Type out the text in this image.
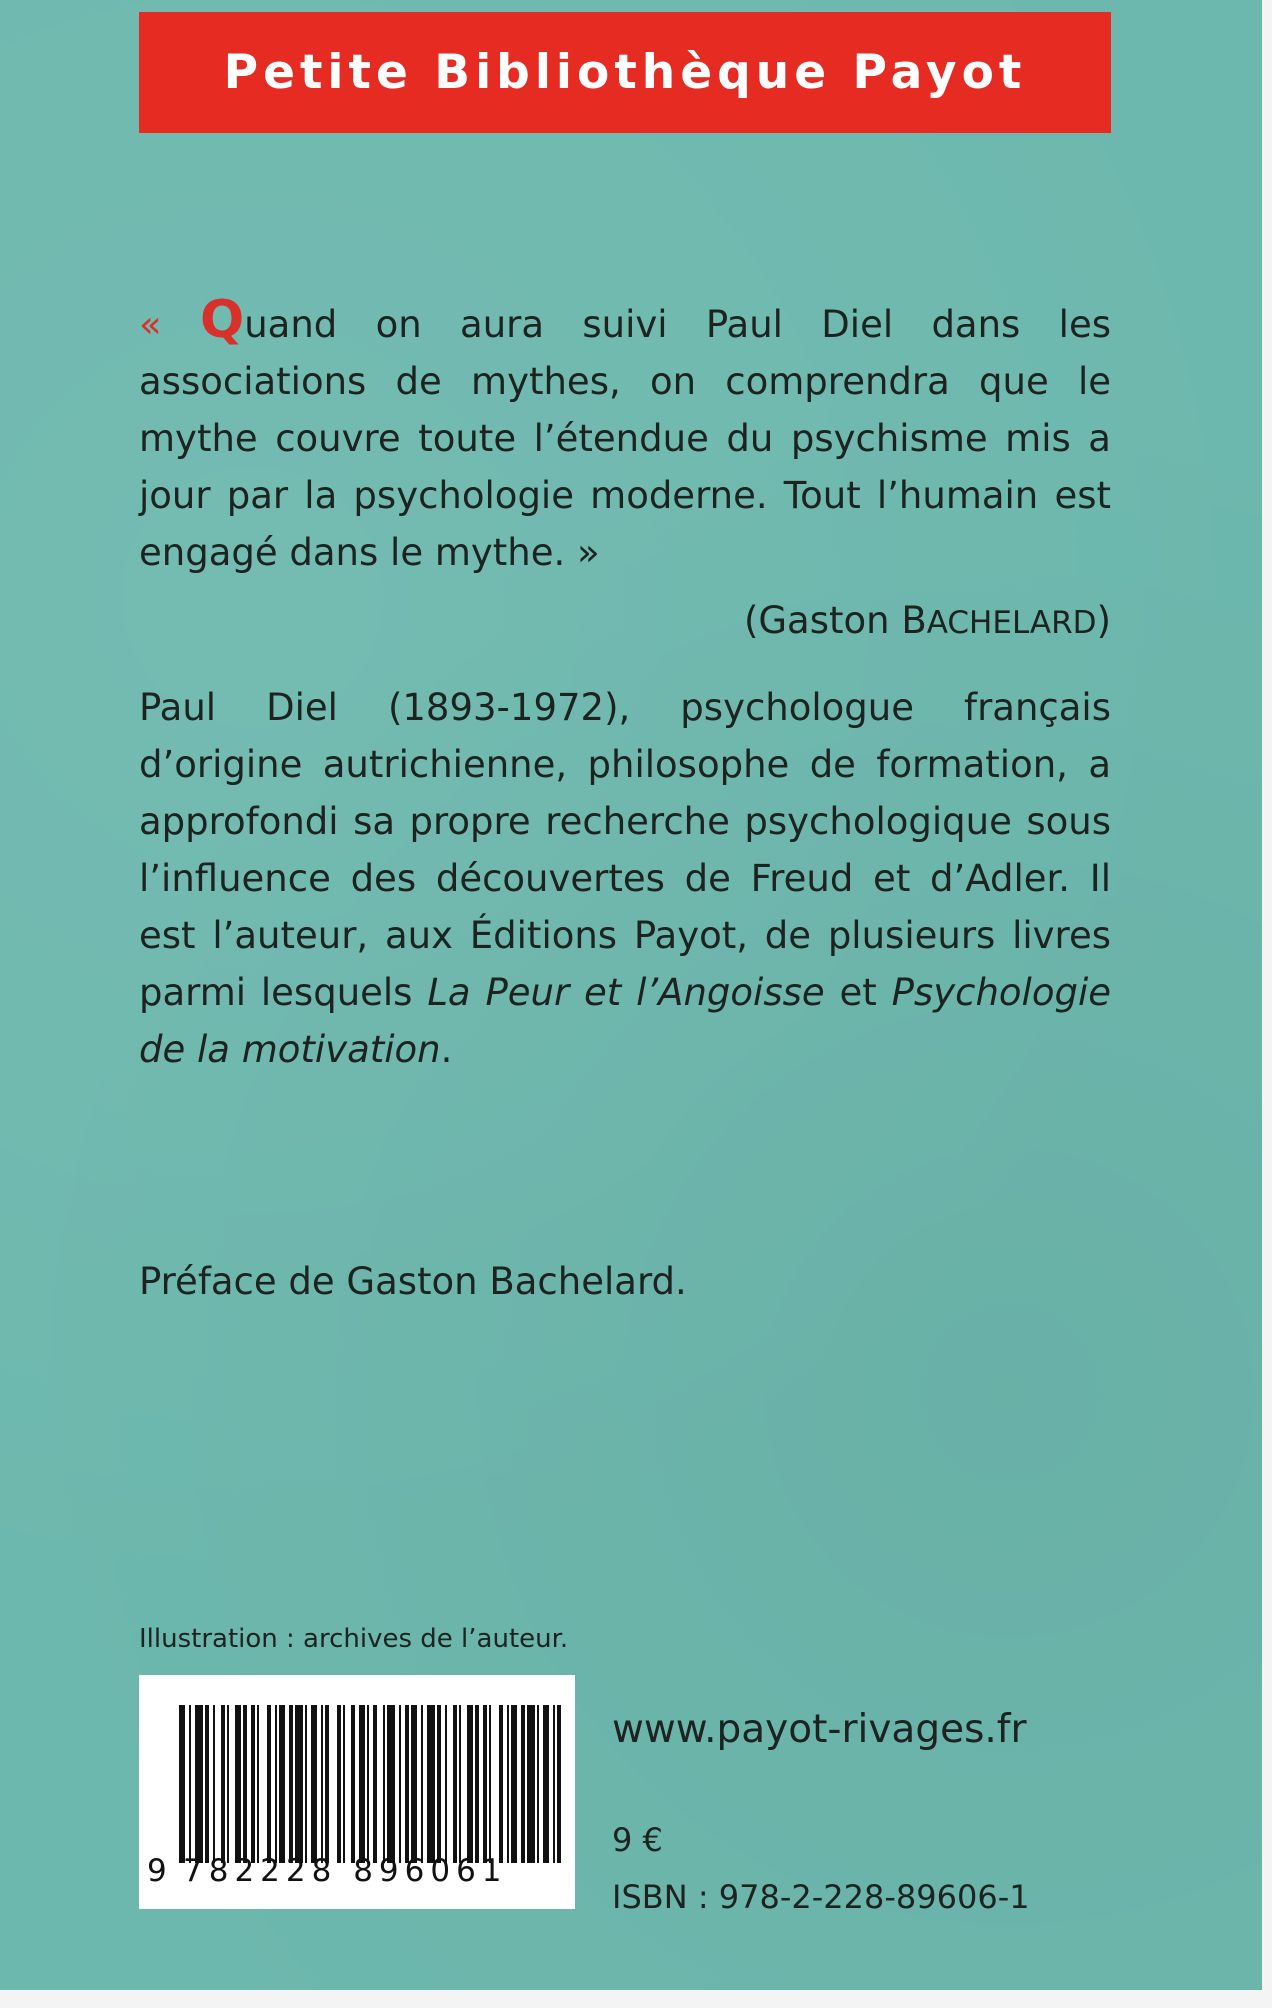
Petite Bibliothèque Payot
« Quand on aura suivi Paul Diel dans les associations de mythes, on comprendra que le mythe couvre toute l’étendue du psychisme mis a jour par la psychologie moderne. Tout l’humain est engagé dans le mythe. »
(Gaston BACHELARD)
Paul Diel (1893-1972), psychologue français d’origine autrichienne, philosophe de formation, a approfondi sa propre recherche psychologique sous l’influence des découvertes de Freud et d’Adler. Il est l’auteur, aux Éditions Payot, de plusieurs livres parmi lesquels La Peur et l’Angoisse et Psychologie de la motivation.
Préface de Gaston Bachelard.
Illustration : archives de l’auteur.
9 782228 896061
www.payot-rivages.fr
9 €
ISBN : 978-2-228-89606-1
